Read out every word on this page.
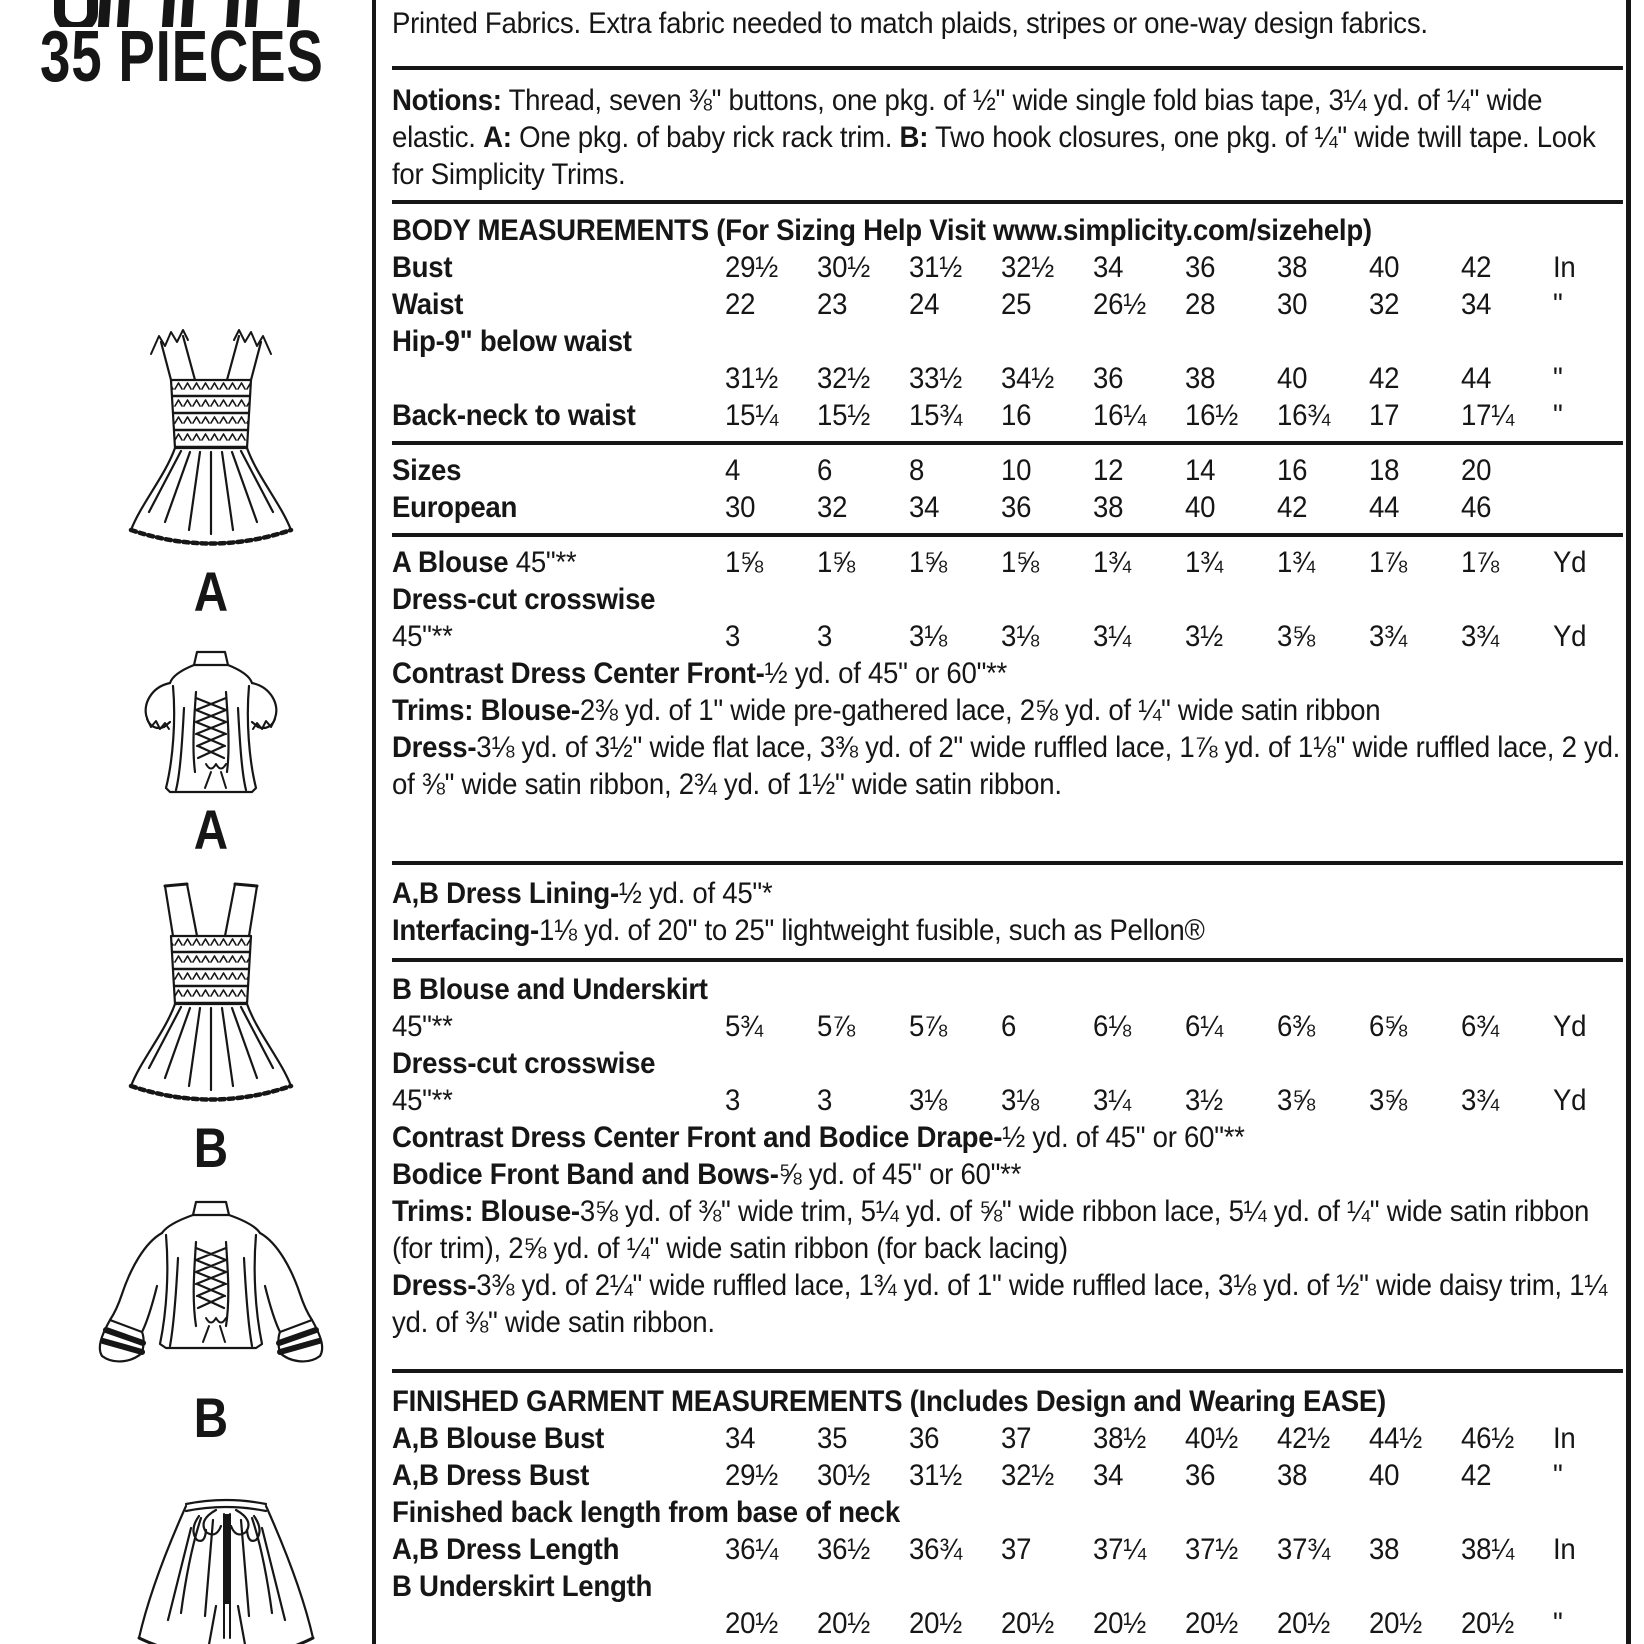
35 PIECES
A
A
B
B

Printed Fabrics. Extra fabric needed to match plaids, stripes or one-way design fabrics.

Notions: Thread, seven ⅜" buttons, one pkg. of ½" wide single fold bias tape, 3¼ yd. of ¼" wide elastic. A: One pkg. of baby rick rack trim. B: Two hook closures, one pkg. of ¼" wide twill tape. Look for Simplicity Trims.

BODY MEASUREMENTS (For Sizing Help Visit www.simplicity.com/sizehelp)
Bust	29½	30½	31½	32½	34	36	38	40	42	In
Waist	22	23	24	25	26½	28	30	32	34	"
Hip-9" below waist
31½	32½	33½	34½	36	38	40	42	44	"
Back-neck to waist	15¼	15½	15¾	16	16¼	16½	16¾	17	17¼	"
Sizes	4	6	8	10	12	14	16	18	20
European	30	32	34	36	38	40	42	44	46
A Blouse 45"**	1⅝	1⅝	1⅝	1⅝	1¾	1¾	1¾	1⅞	1⅞	Yd
Dress-cut crosswise
45"**	3	3	3⅛	3⅛	3¼	3½	3⅝	3¾	3¾	Yd

Contrast Dress Center Front-½ yd. of 45" or 60"**

Trims: Blouse-2⅜ yd. of 1" wide pre-gathered lace, 2⅝ yd. of ¼" wide satin ribbon

Dress-3⅛ yd. of 3½" wide flat lace, 3⅜ yd. of 2" wide ruffled lace, 1⅞ yd. of 1⅛" wide ruffled lace, 2 yd. of ⅜" wide satin ribbon, 2¾ yd. of 1½" wide satin ribbon.

A,B Dress Lining-½ yd. of 45"*

Interfacing-1⅛ yd. of 20" to 25" lightweight fusible, such as Pellon®

B Blouse and Underskirt
45"**	5¾	5⅞	5⅞	6	6⅛	6¼	6⅜	6⅝	6¾	Yd
Dress-cut crosswise
45"**	3	3	3⅛	3⅛	3¼	3½	3⅝	3⅝	3¾	Yd

Contrast Dress Center Front and Bodice Drape-½ yd. of 45" or 60"**

Bodice Front Band and Bows-⅝ yd. of 45" or 60"**

Trims: Blouse-3⅝ yd. of ⅜" wide trim, 5¼ yd. of ⅝" wide ribbon lace, 5¼ yd. of ¼" wide satin ribbon (for trim), 2⅝ yd. of ¼" wide satin ribbon (for back lacing)

Dress-3⅜ yd. of 2¼" wide ruffled lace, 1¾ yd. of 1" wide ruffled lace, 3⅛ yd. of ½" wide daisy trim, 1¼ yd. of ⅜" wide satin ribbon.

FINISHED GARMENT MEASUREMENTS (Includes Design and Wearing EASE)
A,B Blouse Bust	34	35	36	37	38½	40½	42½	44½	46½	In
A,B Dress Bust	29½	30½	31½	32½	34	36	38	40	42	"
Finished back length from base of neck
A,B Dress Length	36¼	36½	36¾	37	37¼	37½	37¾	38	38¼	In
B Underskirt Length
20½	20½	20½	20½	20½	20½	20½	20½	20½	"
